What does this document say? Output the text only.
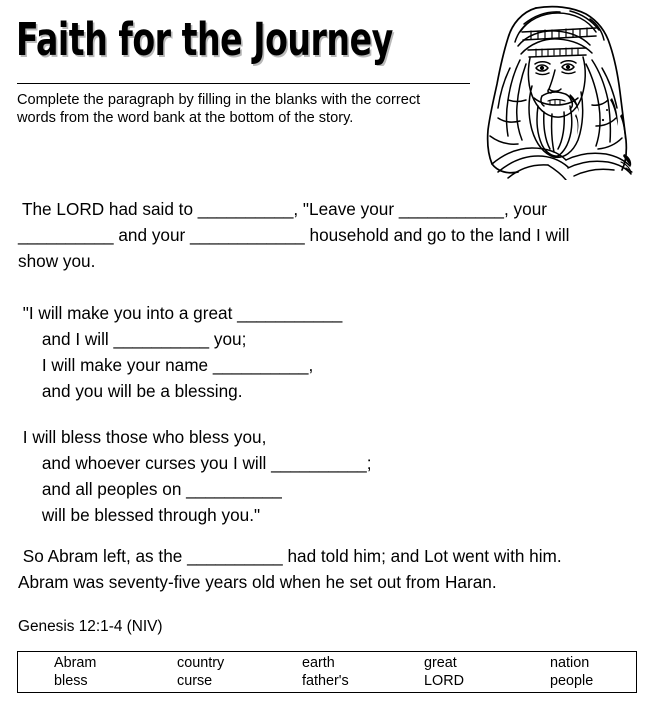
Faith for the Journey
Complete the paragraph by filling in the blanks with the correct
words from the word bank at the bottom of the story.
The LORD had said to __________, "Leave your ___________, your
__________ and your ____________ household and go to the land I will
show you.
"I will make you into a great ___________
and I will __________ you;
I will make your name __________,
and you will be a blessing.
I will bless those who bless you,
and whoever curses you I will __________;
and all peoples on __________
will be blessed through you."
So Abram left, as the __________ had told him; and Lot went with him.
Abram was seventy-five years old when he set out from Haran.
Genesis 12:1-4 (NIV)
Abram
bless
country
curse
earth
father's
great
LORD
nation
people
